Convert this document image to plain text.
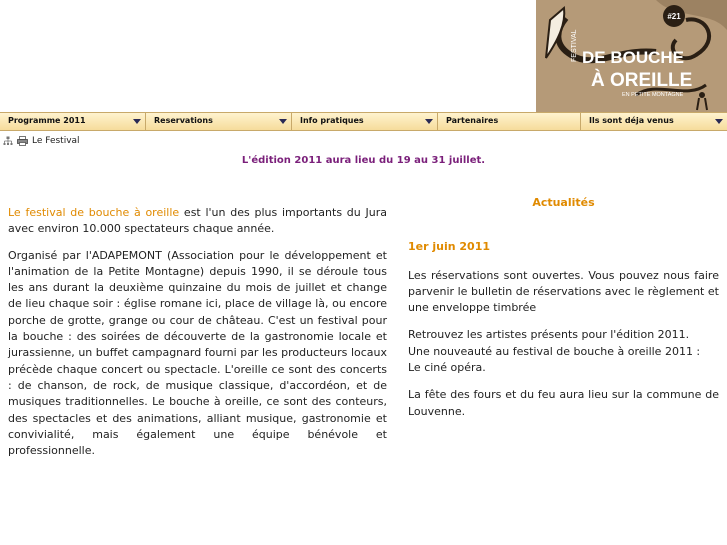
#21
FESTIVAL DE BOUCHE
À OREILLE
EN PETITE MONTAGNE
Programme 2011	Reservations	Info pratiques	Partenaires	Ils sont déja venus
Le Festival
L'édition 2011 aura lieu du 19 au 31 juillet.

Le festival de bouche à oreille est l'un des plus importants du Jura avec environ 10.000 spectateurs chaque année.

Organisé par l'ADAPEMONT (Association pour le développement et l'animation de la Petite Montagne) depuis 1990, il se déroule tous les ans durant la deuxième quinzaine du mois de juillet et change de lieu chaque soir : église romane ici, place de village là, ou encore porche de grotte, grange ou cour de château. C'est un festival pour la bouche : des soirées de découverte de la gastronomie locale et jurassienne, un buffet campagnard fourni par les producteurs locaux précède chaque concert ou spectacle. L'oreille ce sont des concerts : de chanson, de rock, de musique classique, d'accordéon, et de musiques traditionnelles. Le bouche à oreille, ce sont des conteurs, des spectacles et des animations, alliant musique, gastronomie et convivialité, mais également une équipe bénévole et professionnelle.

Actualités
1er juin 2011

Les réservations sont ouvertes. Vous pouvez nous faire parvenir le bulletin de réservations avec le règlement et une enveloppe timbrée

Retrouvez les artistes présents pour l'édition 2011.
Une nouveauté au festival de bouche à oreille 2011 :
Le ciné opéra.

La fête des fours et du feu aura lieu sur la commune de Louvenne.
